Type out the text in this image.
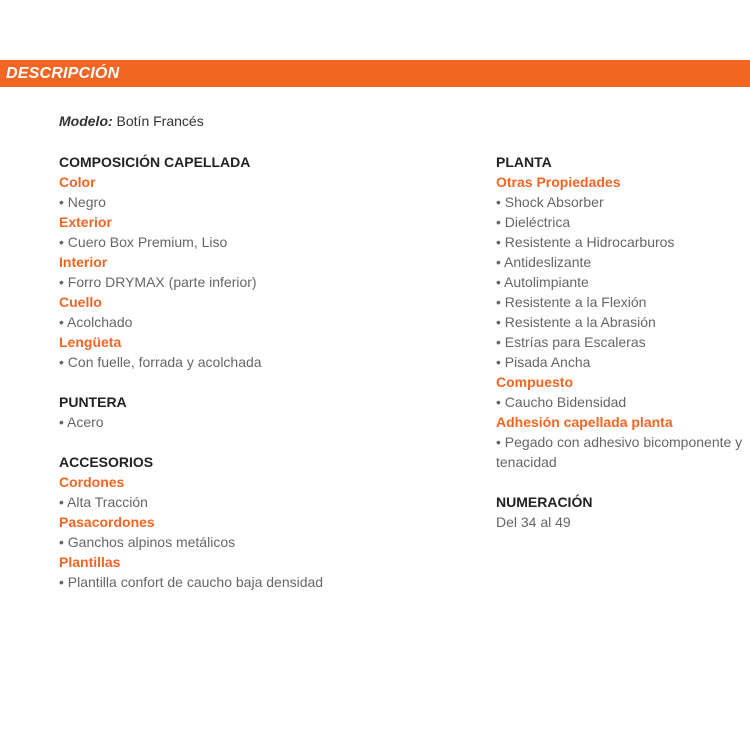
DESCRIPCIÓN
Modelo: Botín Francés
COMPOSICIÓN CAPELLADA
Color
• Negro
Exterior
• Cuero Box Premium, Liso
Interior
• Forro DRYMAX (parte inferior)
Cuello
• Acolchado
Lengüeta
• Con fuelle, forrada y acolchada
PUNTERA
• Acero
ACCESORIOS
Cordones
• Alta Tracción
Pasacordones
• Ganchos alpinos metálicos
Plantillas
• Plantilla confort de caucho baja densidad
PLANTA
Otras Propiedades
• Shock Absorber
• Dieléctrica
• Resistente a Hidrocarburos
• Antideslizante
• Autolimpiante
• Resistente a la Flexión
• Resistente a la Abrasión
• Estrías para Escaleras
• Pisada Ancha
Compuesto
• Caucho Bidensidad
Adhesión capellada planta
• Pegado con adhesivo bicomponente y tenacidad
NUMERACIÓN
Del 34 al 49
